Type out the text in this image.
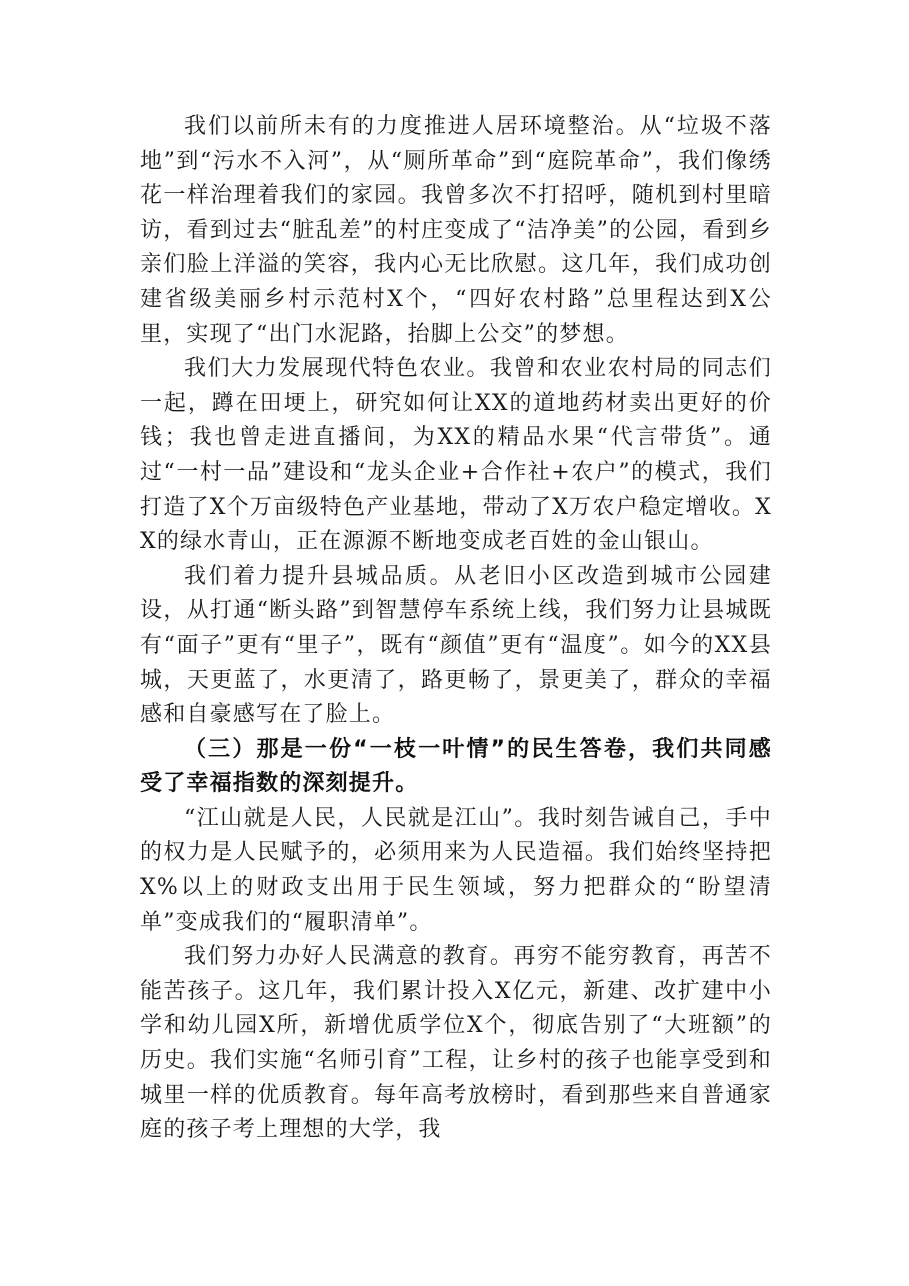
我们以前所未有的力度推进人居环境整治。从“垃圾不落地”到“污水不入河”，从“厕所革命”到“庭院革命”，我们像绣花一样治理着我们的家园。我曾多次不打招呼，随机到村里暗访，看到过去“脏乱差”的村庄变成了“洁净美”的公园，看到乡亲们脸上洋溢的笑容，我内心无比欣慰。这几年，我们成功创建省级美丽乡村示范村X个，“四好农村路”总里程达到X公里，实现了“出门水泥路，抬脚上公交”的梦想。

我们大力发展现代特色农业。我曾和农业农村局的同志们一起，蹲在田埂上，研究如何让XX的道地药材卖出更好的价钱；我也曾走进直播间，为XX的精品水果“代言带货”。通过“一村一品”建设和“龙头企业+合作社+农户”的模式，我们打造了X个万亩级特色产业基地，带动了X万农户稳定增收。XX的绿水青山，正在源源不断地变成老百姓的金山银山。

我们着力提升县城品质。从老旧小区改造到城市公园建设，从打通“断头路”到智慧停车系统上线，我们努力让县城既有“面子”更有“里子”，既有“颜值”更有“温度”。如今的XX县城，天更蓝了，水更清了，路更畅了，景更美了，群众的幸福感和自豪感写在了脸上。

（三）那是一份“一枝一叶情”的民生答卷，我们共同感受了幸福指数的深刻提升。

“江山就是人民，人民就是江山”。我时刻告诫自己，手中的权力是人民赋予的，必须用来为人民造福。我们始终坚持把X%以上的财政支出用于民生领域，努力把群众的“盼望清单”变成我们的“履职清单”。

我们努力办好人民满意的教育。再穷不能穷教育，再苦不能苦孩子。这几年，我们累计投入X亿元，新建、改扩建中小学和幼儿园X所，新增优质学位X个，彻底告别了“大班额”的历史。我们实施“名师引育”工程，让乡村的孩子也能享受到和城里一样的优质教育。每年高考放榜时，看到那些来自普通家庭的孩子考上理想的大学，我
